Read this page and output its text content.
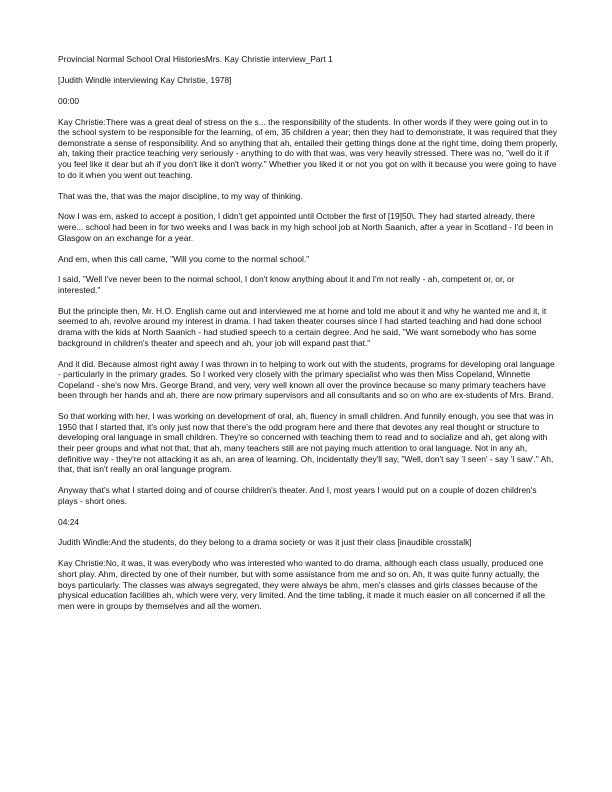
Provincial Normal School Oral HistoriesMrs. Kay Christie interview_Part 1

[Judith Windle interviewing Kay Christie, 1978]

00:00

Kay Christie:There was a great deal of stress on the s... the responsibility of the students. In other words if they were going out in to the school system to be responsible for the learning, of em, 35 children a year; then they had to demonstrate, it was required that they demonstrate a sense of responsibility. And so anything that ah, entailed their getting things done at the right time, doing them properly, ah, taking their practice teaching very seriously - anything to do with that was, was very heavily stressed. There was no, "well do it if you feel like it dear but ah if you don't like it don't worry." Whether you liked it or not you got on with it because you were going to have to do it when you went out teaching.

That was the, that was the major discipline, to my way of thinking.

Now I was em, asked to accept a position, I didn't get appointed until October the first of [19]50\. They had started already, there were... school had been in for two weeks and I was back in my high school job at North Saanich, after a year in Scotland - I'd been in Glasgow on an exchange for a year.

And em, when this call came, "Will you come to the normal school."

I said, "Well I've never been to the normal school, I don't know anything about it and I'm not really - ah, competent or, or, or interested."

But the principle then, Mr. H.O. English came out and interviewed me at home and told me about it and why he wanted me and it, it seemed to ah, revolve around my interest in drama. I had taken theater courses since I had started teaching and had done school drama with the kids at North Saanich - had studied speech to a certain degree. And he said, "We want somebody who has some background in children's theater and speech and ah, your job will expand past that."

And it did. Because almost right away I was thrown in to helping to work out with the students, programs for developing oral language - particularly in the primary grades. So I worked very closely with the primary specialist who was then Miss Copeland, Winnette Copeland - she's now Mrs. George Brand, and very, very well known all over the province because so many primary teachers have been through her hands and ah, there are now primary supervisors and all consultants and so on who are ex-students of Mrs. Brand.

So that working with her, I was working on development of oral, ah, fluency in small children. And funnily enough, you see that was in 1950 that I started that, it's only just now that there's the odd program here and there that devotes any real thought or structure to developing oral language in small children. They're so concerned with teaching them to read and to socialize and ah, get along with their peer groups and what not that, that ah, many teachers still are not paying much attention to oral language. Not in any ah, definitive way - they're not attacking it as ah, an area of learning. Oh, incidentally they'll say, "Well, don't say 'I seen' - say 'I saw'." Ah, that, that isn't really an oral language program.

Anyway that's what I started doing and of course children's theater. And I, most years I would put on a couple of dozen children's plays - short ones.

04:24

Judith Windle:And the students, do they belong to a drama society or was it just their class [inaudible crosstalk]

Kay Christie:No, it was, it was everybody who was interested who wanted to do drama, although each class usually, produced one short play. Ahm, directed by one of their number, but with some assistance from me and so on. Ah, it was quite funny actually, the boys particularly. The classes was always segregated, they were always be ahm, men's classes and girls classes because of the physical education facilities ah, which were very, very limited. And the time tabling, it made it much easier on all concerned if all the men were in groups by themselves and all the women.
